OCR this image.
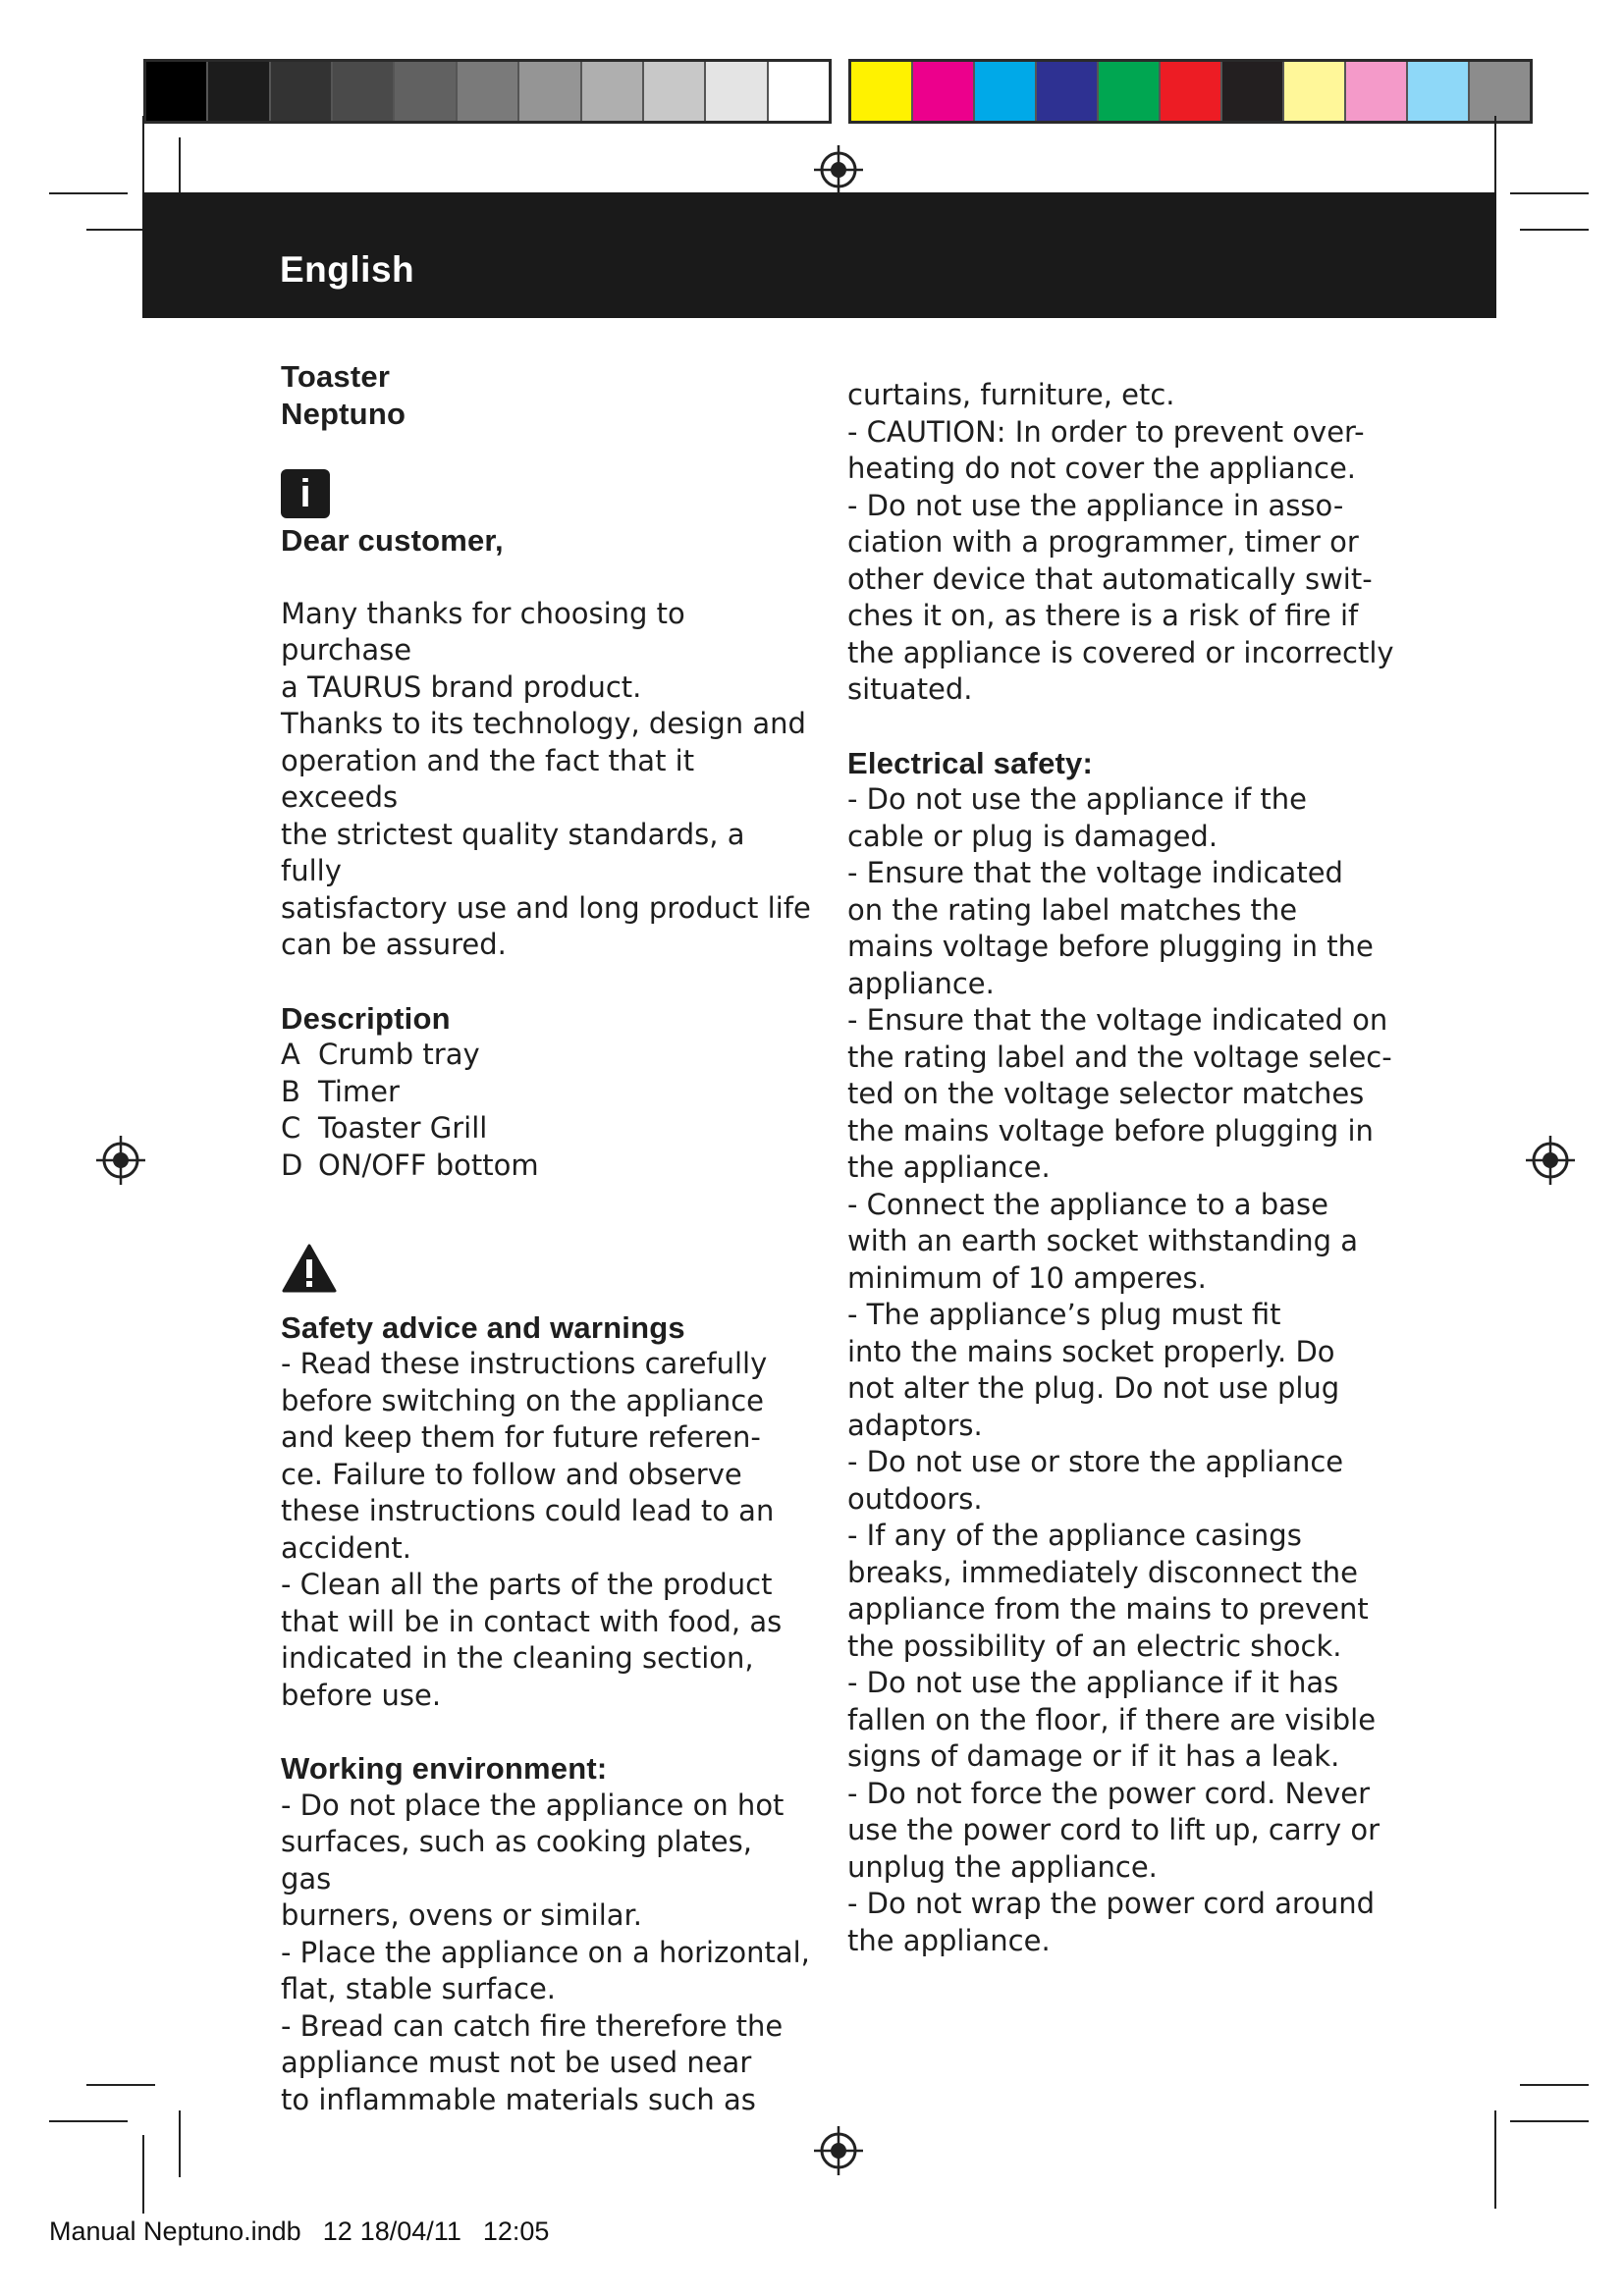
English

Toaster

Neptuno

i

Dear customer,

Many thanks for choosing to purchase

a TAURUS brand product.

Thanks to its technology, design and

operation and the fact that it exceeds

the strictest quality standards, a fully

satisfactory use and long product life

can be assured.

Description

A Crumb tray
B Timer
C Toaster Grill
D ON/OFF bottom

Safety advice and warnings

- Read these instructions carefully

before switching on the appliance

and keep them for future referen-

ce. Failure to follow and observe

these instructions could lead to an

accident.

- Clean all the parts of the product

that will be in contact with food, as

indicated in the cleaning section,

before use.

Working environment:

- Do not place the appliance on hot

surfaces, such as cooking plates, gas

burners, ovens or similar.

- Place the appliance on a horizontal,

flat, stable surface.

- Bread can catch fire therefore the

appliance must not be used near

to inflammable materials such as

curtains, furniture, etc.

- CAUTION: In order to prevent over-

heating do not cover the appliance.

- Do not use the appliance in asso-

ciation with a programmer, timer or

other device that automatically swit-

ches it on, as there is a risk of fire if

the appliance is covered or incorrectly

situated.

Electrical safety:

- Do not use the appliance if the

cable or plug is damaged.

- Ensure that the voltage indicated

on the rating label matches the

mains voltage before plugging in the

appliance.

- Ensure that the voltage indicated on

the rating label and the voltage selec-

ted on the voltage selector matches

the mains voltage before plugging in

the appliance.

- Connect the appliance to a base

with an earth socket withstanding a

minimum of 10 amperes.

- The appliance’s plug must fit

into the mains socket properly. Do

not alter the plug. Do not use plug

adaptors.

- Do not use or store the appliance

outdoors.

- If any of the appliance casings

breaks, immediately disconnect the

appliance from the mains to prevent

the possibility of an electric shock.

- Do not use the appliance if it has

fallen on the floor, if there are visible

signs of damage or if it has a leak.

- Do not force the power cord. Never

use the power cord to lift up, carry or

unplug the appliance.

- Do not wrap the power cord around

the appliance.

Manual Neptuno.indb 12 18/04/11 12:05
